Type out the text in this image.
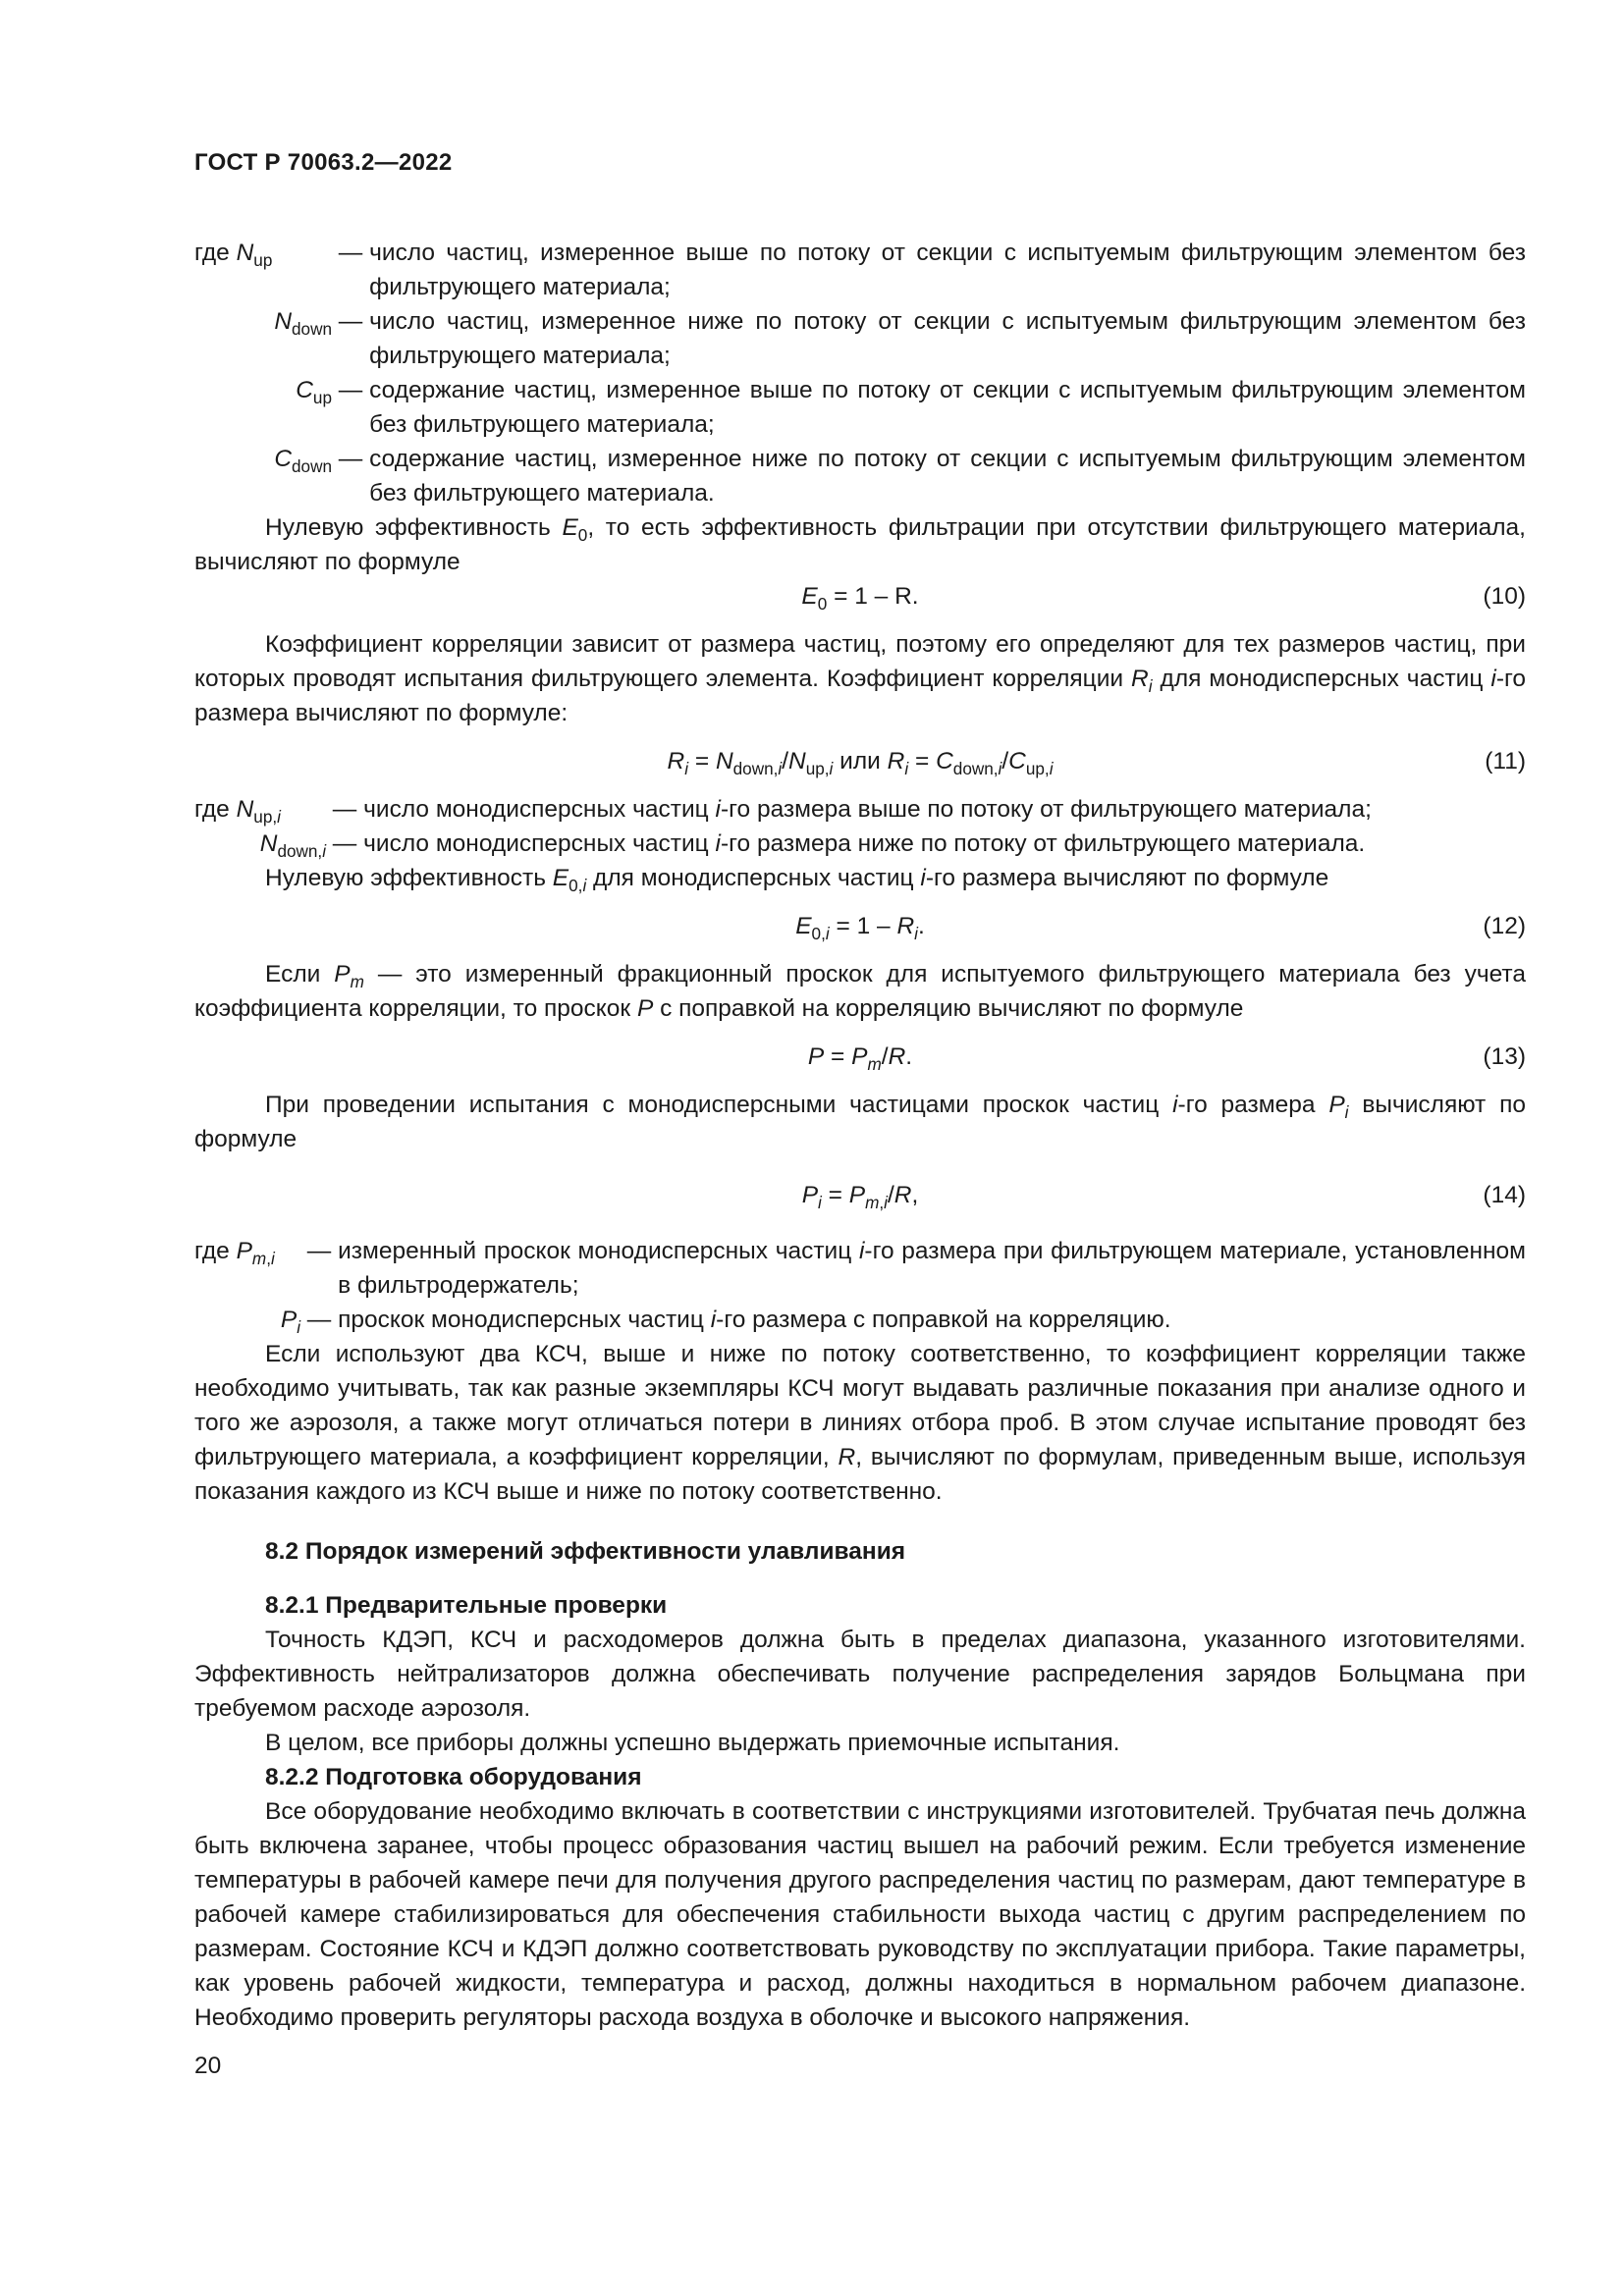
ГОСТ Р 70063.2—2022
где $N_{up}$	— число частиц, измеренное выше по потоку от секции с испытуемым фильтрующим элементом без фильтрующего материала;
$N_{down}$ — число частиц, измеренное ниже по потоку от секции с испытуемым фильтрующим элементом без фильтрующего материала;
$C_{up}$ — содержание частиц, измеренное выше по потоку от секции с испытуемым фильтрующим элементом без фильтрующего материала;
$C_{down}$ — содержание частиц, измеренное ниже по потоку от секции с испытуемым фильтрующим элементом без фильтрующего материала.

Нулевую эффективность $E_0$, то есть эффективность фильтрации при отсутствии фильтрующего материала, вычисляют по формуле

$E_0 = 1 - R$.	(10)

Коэффициент корреляции зависит от размера частиц, поэтому его определяют для тех размеров частиц, при которых проводят испытания фильтрующего элемента. Коэффициент корреляции $R_i$ для монодисперсных частиц i-го размера вычисляют по формуле:

$R_i = N_{down,i}/N_{up,i}$ или $R_i = C_{down,i}/C_{up,i}$	(11)
где $N_{up,i}$	— число монодисперсных частиц i-го размера выше по потоку от фильтрующего материала;
$N_{down,i}$ — число монодисперсных частиц i-го размера ниже по потоку от фильтрующего материала.

Нулевую эффективность $E_{0,i}$ для монодисперсных частиц i-го размера вычисляют по формуле

$E_{0,i} = 1 - R_i$.	(12)

Если $P_m$ — это измеренный фракционный проскок для испытуемого фильтрующего материала без учета коэффициента корреляции, то проскок P с поправкой на корреляцию вычисляют по формуле

$P = P_m/R$.	(13)

При проведении испытания с монодисперсными частицами проскок частиц i-го размера $P_i$ вычисляют по формуле

$P_i = P_{m,i}/R$,	(14)
где $P_{m,i}$	— измеренный проскок монодисперсных частиц i-го размера при фильтрующем материале, установленном в фильтродержатель;
$P_i$ — проскок монодисперсных частиц i-го размера с поправкой на корреляцию.

Если используют два КСЧ, выше и ниже по потоку соответственно, то коэффициент корреляции также необходимо учитывать, так как разные экземпляры КСЧ могут выдавать различные показания при анализе одного и того же аэрозоля, а также могут отличаться потери в линиях отбора проб. В этом случае испытание проводят без фильтрующего материала, а коэффициент корреляции, R, вычисляют по формулам, приведенным выше, используя показания каждого из КСЧ выше и ниже по потоку соответственно.

8.2 Порядок измерений эффективности улавливания

8.2.1 Предварительные проверки

Точность КДЭП, КСЧ и расходомеров должна быть в пределах диапазона, указанного изготовителями. Эффективность нейтрализаторов должна обеспечивать получение распределения зарядов Больцмана при требуемом расходе аэрозоля.

В целом, все приборы должны успешно выдержать приемочные испытания.

8.2.2 Подготовка оборудования

Все оборудование необходимо включать в соответствии с инструкциями изготовителей. Трубчатая печь должна быть включена заранее, чтобы процесс образования частиц вышел на рабочий режим. Если требуется изменение температуры в рабочей камере печи для получения другого распределения частиц по размерам, дают температуре в рабочей камере стабилизироваться для обеспечения стабильности выхода частиц с другим распределением по размерам. Состояние КСЧ и КДЭП должно соответствовать руководству по эксплуатации прибора. Такие параметры, как уровень рабочей жидкости, температура и расход, должны находиться в нормальном рабочем диапазоне. Необходимо проверить регуляторы расхода воздуха в оболочке и высокого напряжения.

20
